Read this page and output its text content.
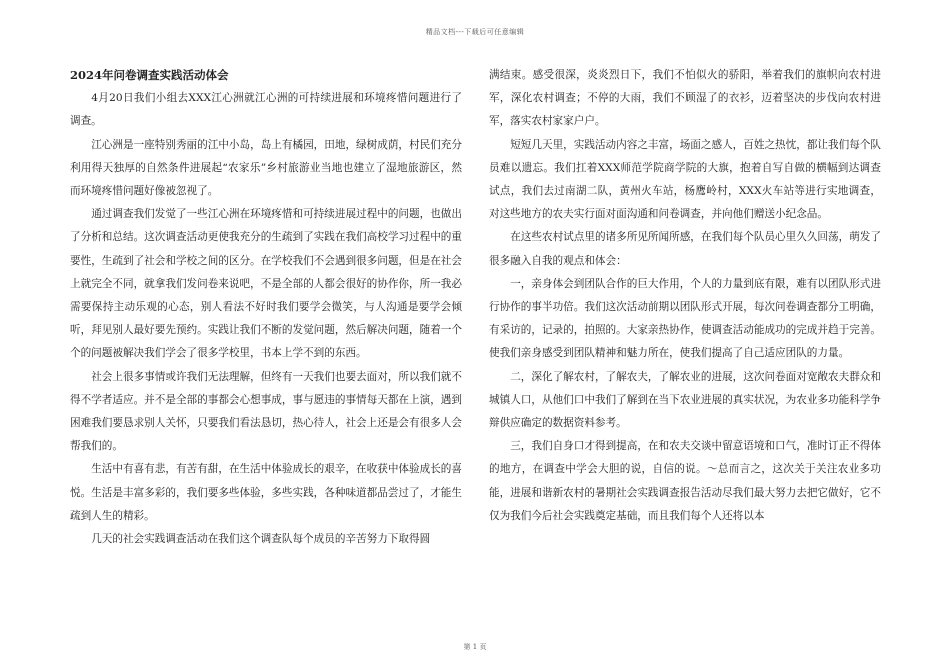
精品文档---下载后可任意编辑
2024年问卷调查实践活动体会

4月20日我们小组去XXX江心洲就江心洲的可持续进展和环境疼惜问题进行了调查。

江心洲是一座特别秀丽的江中小岛，岛上有橘园，田地，绿树成荫，村民们充分利用得天独厚的自然条件进展起“农家乐”乡村旅游业当地也建立了湿地旅游区，然而环境疼惜问题好像被忽视了。

通过调查我们发觉了一些江心洲在环境疼惜和可持续进展过程中的问题，也做出了分析和总结。这次调查活动更使我充分的生疏到了实践在我们高校学习过程中的重要性，生疏到了社会和学校之间的区分。在学校我们不会遇到很多问题，但是在社会上就完全不同，就拿我们发问卷来说吧，不是全部的人都会很好的协作你，所一我必需要保持主动乐观的心态，别人看法不好时我们要学会微笑，与人沟通是要学会倾听，拜见别人最好要先预约。实践让我们不断的发觉问题，然后解决问题，随着一个个的问题被解决我们学会了很多学校里，书本上学不到的东西。

社会上很多事情或许我们无法理解，但终有一天我们也要去面对，所以我们就不得不学者适应。并不是全部的事都会心想事成，事与愿违的事情每天都在上演，遇到困难我们要恳求别人关怀，只要我们看法恳切，热心待人，社会上还是会有很多人会帮我们的。

生活中有喜有悲，有苦有甜，在生活中体验成长的艰辛，在收获中体验成长的喜悦。生活是丰富多彩的，我们要多些体验，多些实践，各种味道都品尝过了，才能生疏到人生的精彩。

几天的社会实践调查活动在我们这个调查队每个成员的辛苦努力下取得圆

满结束。感受很深，炎炎烈日下，我们不怕似火的骄阳，举着我们的旗帜向农村进军，深化农村调查；不停的大雨，我们不顾湿了的衣衫，迈着坚决的步伐向农村进军，落实农村家家户户。

短短几天里，实践活动内容之丰富，场面之感人，百姓之热忱，都让我们每个队员难以遗忘。我们扛着XXX师范学院商学院的大旗，抱着自写自做的横幅到达调查试点，我们去过南湖二队，黄州火车站，杨鹰岭村，XXX火车站等进行实地调查，对这些地方的农夫实行面对面沟通和问卷调查，并向他们赠送小纪念品。

在这些农村试点里的诸多所见所闻所感，在我们每个队员心里久久回荡，萌发了很多融入自我的观点和体会：

一，亲身体会到团队合作的巨大作用，个人的力量到底有限，难有以团队形式进行协作的事半功倍。我们这次活动前期以团队形式开展，每次问卷调查都分工明确，有采访的，记录的，拍照的。大家亲热协作，使调查活动能成功的完成并趋于完善。使我们亲身感受到团队精神和魅力所在，使我们提高了自己适应团队的力量。

二，深化了解农村，了解农夫，了解农业的进展，这次问卷面对宽敞农夫群众和城镇人口，从他们口中我们了解到在当下农业进展的真实状况，为农业多功能科学争辩供应确定的数据资料参考。

三，我们自身口才得到提高，在和农夫交谈中留意语境和口气，准时订正不得体的地方，在调查中学会大胆的说，自信的说。～总而言之，这次关于关注农业多功能，进展和谐新农村的暑期社会实践调查报告活动尽我们最大努力去把它做好，它不仅为我们今后社会实践奠定基础，而且我们每个人还将以本

第 1 页
